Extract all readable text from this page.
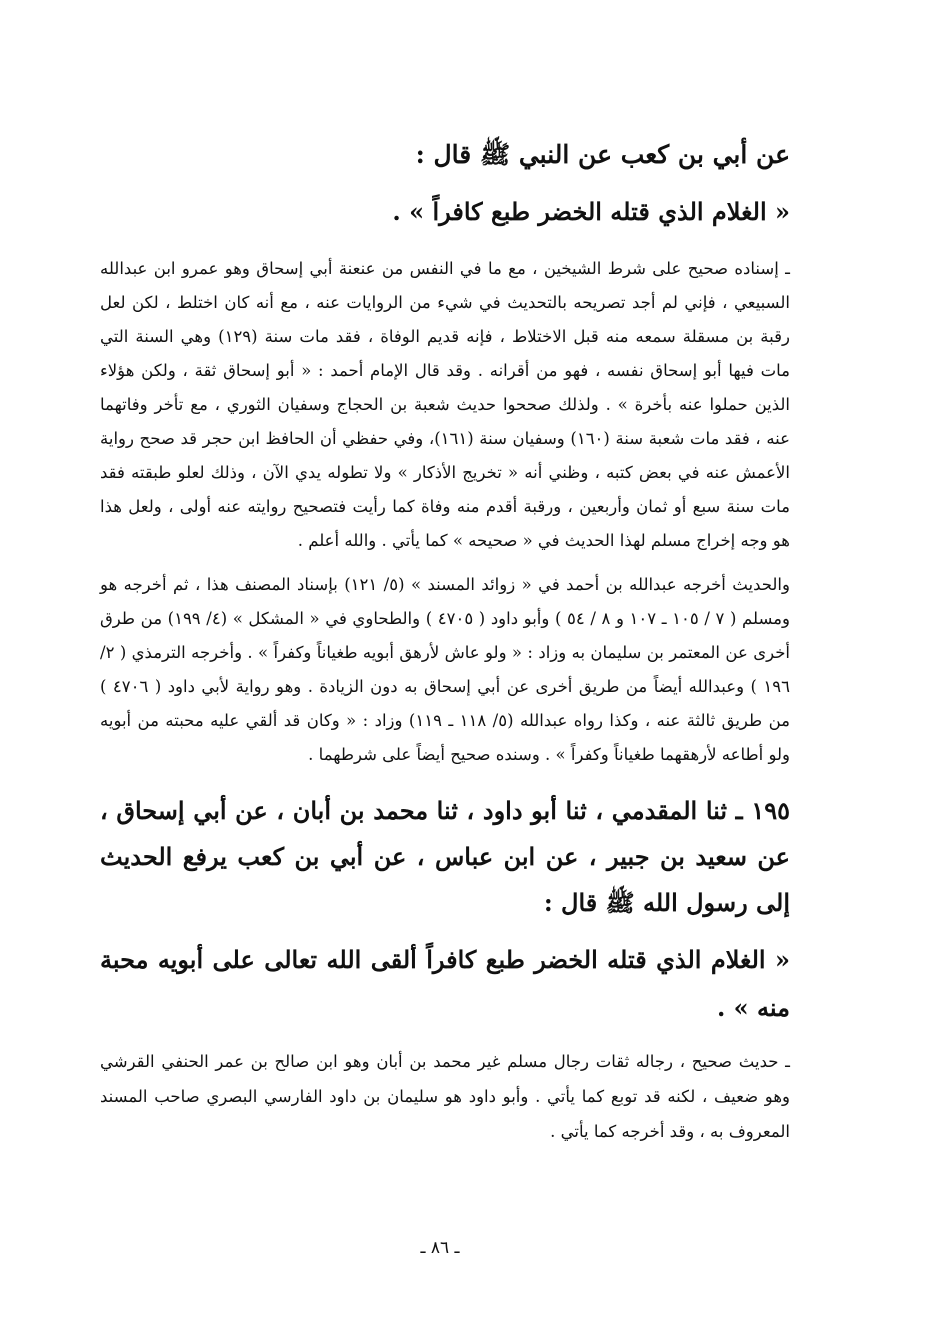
عن أبي بن كعب عن النبي ﷺ قال :
« الغلام الذي قتله الخضر طبع كافراً » .
ـ إسناده صحيح على شرط الشيخين ، مع ما في النفس من عنعنة أبي إسحاق وهو عمرو ابن عبدالله السبيعي ، فإني لم أجد تصريحه بالتحديث في شيء من الروايات عنه ، مع أنه كان اختلط ، لكن لعل رقبة بن مسقلة سمعه منه قبل الاختلاط ، فإنه قديم الوفاة ، فقد مات سنة (١٢٩) وهي السنة التي مات فيها أبو إسحاق نفسه ، فهو من أقرانه . وقد قال الإمام أحمد : « أبو إسحاق ثقة ، ولكن هؤلاء الذين حملوا عنه بأخرة » . ولذلك صححوا حديث شعبة بن الحجاج وسفيان الثوري ، مع تأخر وفاتهما عنه ، فقد مات شعبة سنة (١٦٠) وسفيان سنة (١٦١)، وفي حفظي أن الحافظ ابن حجر قد صحح رواية الأعمش عنه في بعض كتبه ، وظني أنه « تخريج الأذكار » ولا تطوله يدي الآن ، وذلك لعلو طبقته فقد مات سنة سبع أو ثمان وأربعين ، ورقبة أقدم منه وفاة كما رأيت فتصحيح روايته عنه أولى ، ولعل هذا هو وجه إخراج مسلم لهذا الحديث في « صحيحه » كما يأتي . والله أعلم .
والحديث أخرجه عبدالله بن أحمد في « زوائد المسند » (٥/ ١٢١) بإسناد المصنف هذا ، ثم أخرجه هو ومسلم ( ٧ / ١٠٥ ـ ١٠٧ و ٨ / ٥٤ ) وأبو داود ( ٤٧٠٥ ) والطحاوي في « المشكل » (٤/ ١٩٩) من طرق أخرى عن المعتمر بن سليمان به وزاد : « ولو عاش لأرهق أبويه طغياناً وكفراً » . وأخرجه الترمذي ( ٢/ ١٩٦ ) وعبدالله أيضاً من طريق أخرى عن أبي إسحاق به دون الزيادة . وهو رواية لأبي داود ( ٤٧٠٦ ) من طريق ثالثة عنه ، وكذا رواه عبدالله (٥/ ١١٨ ـ ١١٩) وزاد : « وكان قد ألقي عليه محبته من أبويه ولو أطاعه لأرهقهما طغياناً وكفراً » . وسنده صحيح أيضاً على شرطهما .
١٩٥ ـ ثنا المقدمي ، ثنا أبو داود ، ثنا محمد بن أبان ، عن أبي إسحاق ، عن سعيد بن جبير ، عن ابن عباس ، عن أبي بن كعب يرفع الحديث إلى رسول الله ﷺ قال :
« الغلام الذي قتله الخضر طبع كافراً ألقى الله تعالى على أبويه محبة منه » .
ـ حديث صحيح ، رجاله ثقات رجال مسلم غير محمد بن أبان وهو ابن صالح بن عمر الحنفي القرشي وهو ضعيف ، لكنه قد توبع كما يأتي . وأبو داود هو سليمان بن داود الفارسي البصري صاحب المسند المعروف به ، وقد أخرجه كما يأتي .
ـ ٨٦ ـ
